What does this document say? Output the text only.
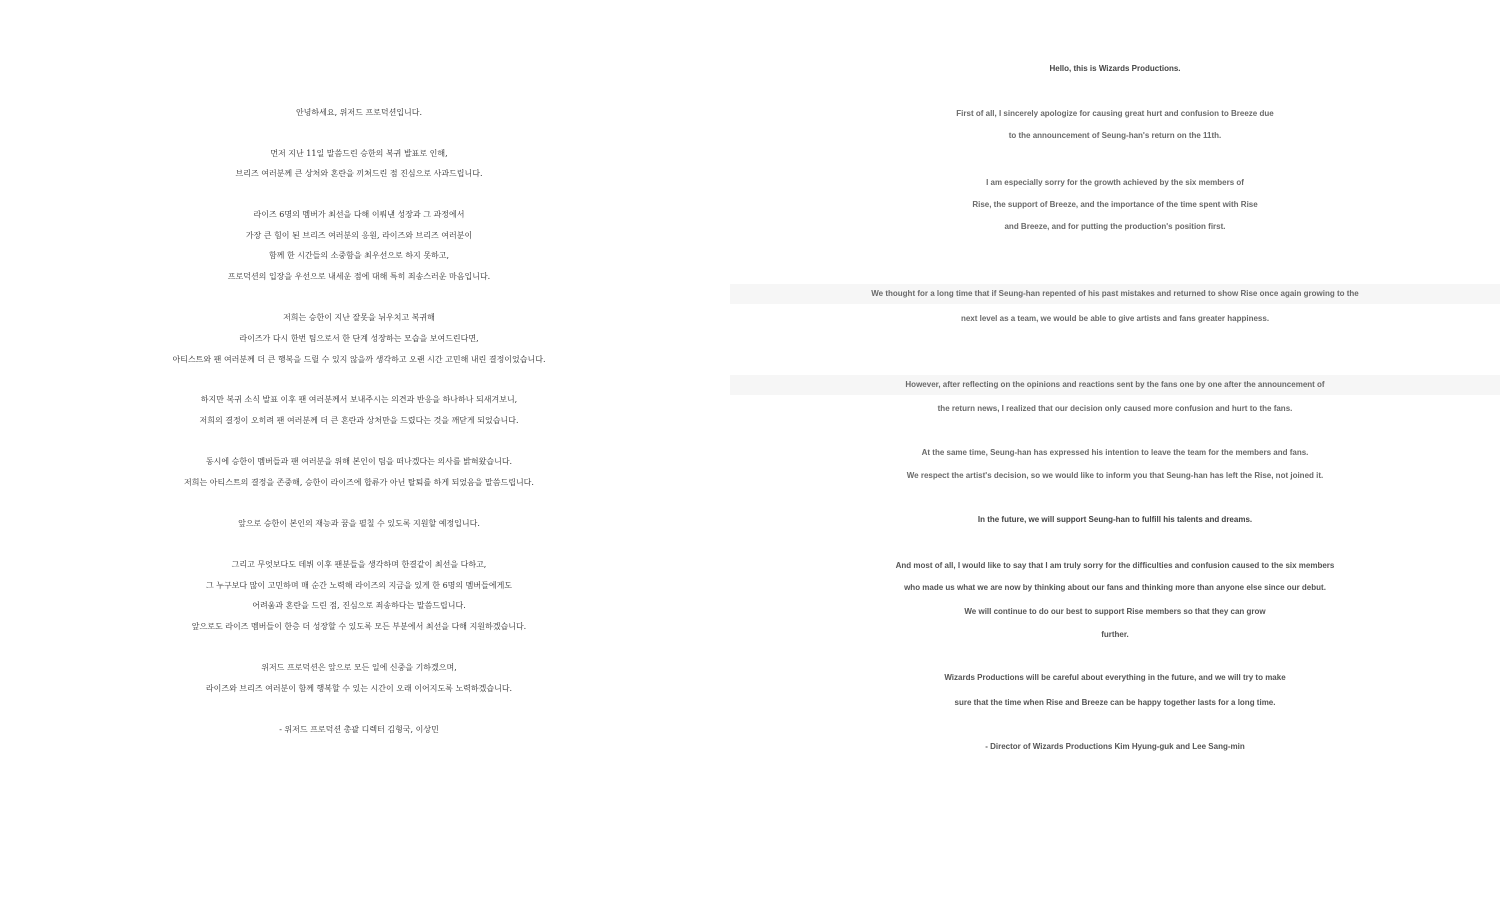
안녕하세요, 위저드 프로덕션입니다.
먼저 지난 11일 말씀드린 승한의 복귀 발표로 인해,
브리즈 여러분께 큰 상처와 혼란을 끼쳐드린 점 진심으로 사과드립니다.
라이즈 6명의 멤버가 최선을 다해 이뤄낸 성장과 그 과정에서
가장 큰 힘이 된 브리즈 여러분의 응원, 라이즈와 브리즈 여러분이
함께 한 시간들의 소중함을 최우선으로 하지 못하고,
프로덕션의 입장을 우선으로 내세운 점에 대해 특히 죄송스러운 마음입니다.
저희는 승한이 지난 잘못을 뉘우치고 복귀해
라이즈가 다시 한번 팀으로서 한 단계 성장하는 모습을 보여드린다면,
아티스트와 팬 여러분께 더 큰 행복을 드릴 수 있지 않을까 생각하고 오랜 시간 고민해 내린 결정이었습니다.
하지만 복귀 소식 발표 이후 팬 여러분께서 보내주시는 의견과 반응을 하나하나 되새겨보니,
저희의 결정이 오히려 팬 여러분께 더 큰 혼란과 상처만을 드렸다는 것을 깨닫게 되었습니다.
동시에 승한이 멤버들과 팬 여러분을 위해 본인이 팀을 떠나겠다는 의사를 밝혀왔습니다.
저희는 아티스트의 결정을 존중해, 승한이 라이즈에 합류가 아닌 탈퇴를 하게 되었음을 말씀드립니다.
앞으로 승한이 본인의 재능과 꿈을 펼칠 수 있도록 지원할 예정입니다.
그리고 무엇보다도 데뷔 이후 팬분들을 생각하며 한결같이 최선을 다하고,
그 누구보다 많이 고민하며 매 순간 노력해 라이즈의 지금을 있게 한 6명의 멤버들에게도
어려움과 혼란을 드린 점, 진심으로 죄송하다는 말씀드립니다.
앞으로도 라이즈 멤버들이 한층 더 성장할 수 있도록 모든 부분에서 최선을 다해 지원하겠습니다.
위저드 프로덕션은 앞으로 모든 일에 신중을 기하겠으며,
라이즈와 브리즈 여러분이 함께 행복할 수 있는 시간이 오래 이어지도록 노력하겠습니다.
- 위저드 프로덕션 총괄 디렉터 김형국, 이상민
Hello, this is Wizards Productions.
First of all, I sincerely apologize for causing great hurt and confusion to Breeze due
to the announcement of Seung-han's return on the 11th.
I am especially sorry for the growth achieved by the six members of
Rise, the support of Breeze, and the importance of the time spent with Rise
and Breeze, and for putting the production's position first.
We thought for a long time that if Seung-han repented of his past mistakes and returned to show Rise once again growing to the
next level as a team, we would be able to give artists and fans greater happiness.
However, after reflecting on the opinions and reactions sent by the fans one by one after the announcement of
the return news, I realized that our decision only caused more confusion and hurt to the fans.
At the same time, Seung-han has expressed his intention to leave the team for the members and fans.
We respect the artist's decision, so we would like to inform you that Seung-han has left the Rise, not joined it.
In the future, we will support Seung-han to fulfill his talents and dreams.
And most of all, I would like to say that I am truly sorry for the difficulties and confusion caused to the six members
who made us what we are now by thinking about our fans and thinking more than anyone else since our debut.
We will continue to do our best to support Rise members so that they can grow
further.
Wizards Productions will be careful about everything in the future, and we will try to make
sure that the time when Rise and Breeze can be happy together lasts for a long time.
- Director of Wizards Productions Kim Hyung-guk and Lee Sang-min
